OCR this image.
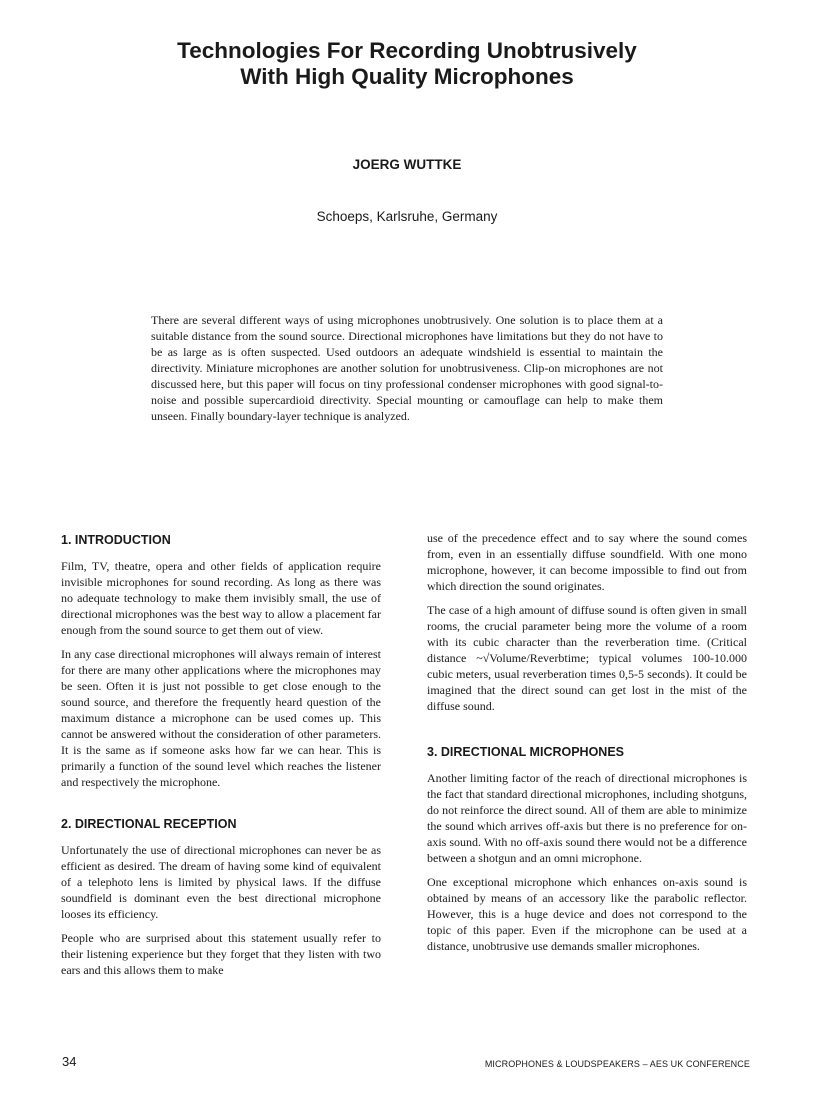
Technologies For Recording Unobtrusively
With High Quality Microphones

JOERG WUTTKE

Schoeps, Karlsruhe, Germany

There are several different ways of using microphones unobtrusively. One solution is to place them at a suitable distance from the sound source. Directional microphones have limitations but they do not have to be as large as is often suspected. Used outdoors an adequate windshield is essential to maintain the directivity. Miniature microphones are another solution for unobtrusiveness. Clip-on microphones are not discussed here, but this paper will focus on tiny professional condenser microphones with good signal-to-noise and possible supercardioid directivity. Special mounting or camouflage can help to make them unseen. Finally boundary-layer technique is analyzed.

1. INTRODUCTION

Film, TV, theatre, opera and other fields of application require invisible microphones for sound recording. As long as there was no adequate technology to make them invisibly small, the use of directional microphones was the best way to allow a placement far enough from the sound source to get them out of view.

In any case directional microphones will always remain of interest for there are many other applications where the microphones may be seen. Often it is just not possible to get close enough to the sound source, and therefore the frequently heard question of the maximum distance a microphone can be used comes up. This cannot be answered without the consideration of other parameters. It is the same as if someone asks how far we can hear. This is primarily a function of the sound level which reaches the listener and respectively the microphone.

2. DIRECTIONAL RECEPTION

Unfortunately the use of directional microphones can never be as efficient as desired. The dream of having some kind of equivalent of a telephoto lens is limited by physical laws. If the diffuse soundfield is dominant even the best directional microphone looses its efficiency.

People who are surprised about this statement usually refer to their listening experience but they forget that they listen with two ears and this allows them to make

use of the precedence effect and to say where the sound comes from, even in an essentially diffuse soundfield. With one mono microphone, however, it can become impossible to find out from which direction the sound originates.

The case of a high amount of diffuse sound is often given in small rooms, the crucial parameter being more the volume of a room with its cubic character than the reverberation time. (Critical distance ~√Volume/Reverbtime; typical volumes 100-10.000 cubic meters, usual reverberation times 0,5-5 seconds). It could be imagined that the direct sound can get lost in the mist of the diffuse sound.

3. DIRECTIONAL MICROPHONES

Another limiting factor of the reach of directional microphones is the fact that standard directional microphones, including shotguns, do not reinforce the direct sound. All of them are able to minimize the sound which arrives off-axis but there is no preference for on-axis sound. With no off-axis sound there would not be a difference between a shotgun and an omni microphone.

One exceptional microphone which enhances on-axis sound is obtained by means of an accessory like the parabolic reflector. However, this is a huge device and does not correspond to the topic of this paper. Even if the microphone can be used at a distance, unobtrusive use demands smaller microphones.

34	MICROPHONES & LOUDSPEAKERS – AES UK CONFERENCE
